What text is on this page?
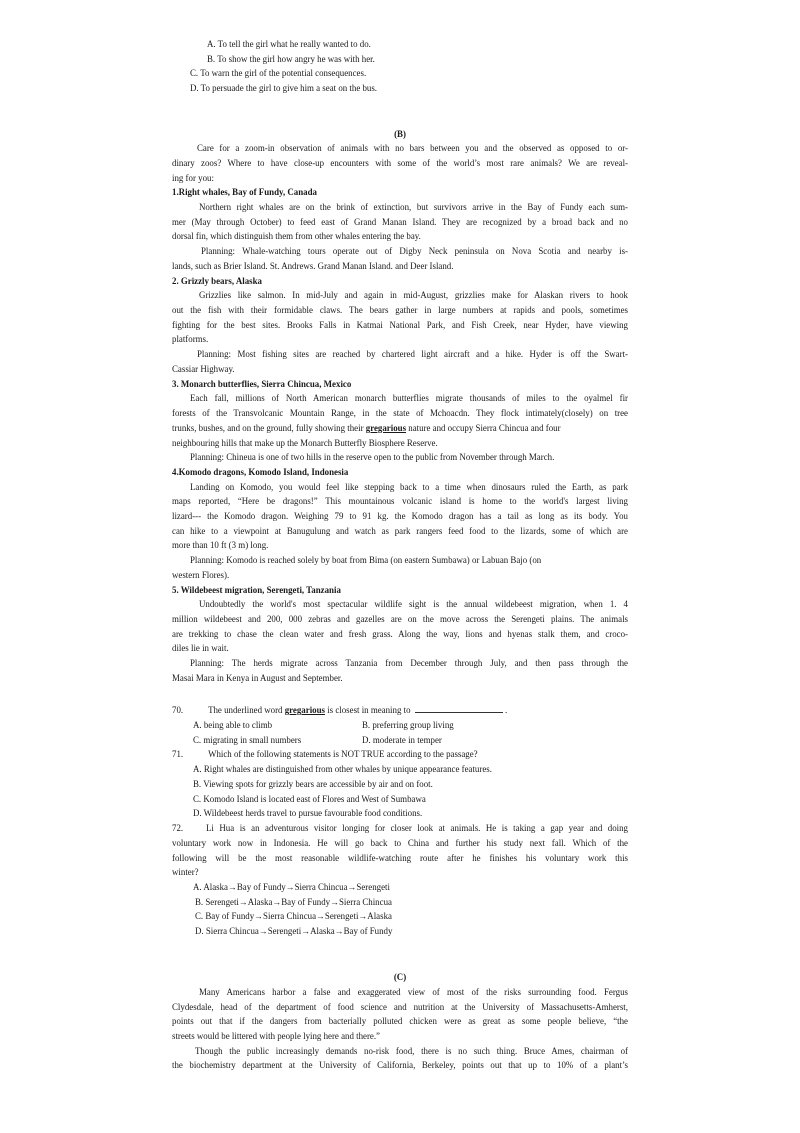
A. To tell the girl what he really wanted to do.
B. To show the girl how angry he was with her.
C. To warn the girl of the potential consequences.
D. To persuade the girl to give him a seat on the bus.
(B)
Care for a zoom-in observation of animals with no bars between you and the observed as opposed to or-
dinary zoos? Where to have close-up encounters with some of the world’s most rare animals? We are reveal-
ing for you:
1.Right whales, Bay of Fundy, Canada
Northern right whales are on the brink of extinction, but survivors arrive in the Bay of Fundy each sum-
mer (May through October) to feed east of Grand Manan Island. They are recognized by a broad back and no
dorsal fin, which distinguish them from other whales entering the bay.
Planning: Whale-watching tours operate out of Digby Neck peninsula on Nova Scotia and nearby is-
lands, such as Brier Island. St. Andrews. Grand Manan Island. and Deer Island.
2. Grizzly bears, Alaska
Grizzlies like salmon. In mid-July and again in mid-August, grizzlies make for Alaskan rivers to hook
out the fish with their formidable claws. The bears gather in large numbers at rapids and pools, sometimes
fighting for the best sites. Brooks Falls in Katmai National Park, and Fish Creek, near Hyder, have viewing
platforms.
Planning: Most fishing sites are reached by chartered light aircraft and a hike. Hyder is off the Swart-
Cassiar Highway.
3. Monarch butterflies, Sierra Chincua, Mexico
Each fall, millions of North American monarch butterflies migrate thousands of miles to the oyalmel fir
forests of the Transvolcanic Mountain Range, in the state of Mchoacdn. They flock intimately(closely) on tree
trunks, bushes, and on the ground, fully showing their gregarious nature and occupy Sierra Chincua and four
neighbouring hills that make up the Monarch Butterfly Biosphere Reserve.
Planning: Chineua is one of two hills in the reserve open to the public from November through March.
4.Komodo dragons, Komodo Island, Indonesia
Landing on Komodo, you would feel like stepping back to a time when dinosaurs ruled the Earth, as park
maps reported, “Here be dragons!” This mountainous volcanic island is home to the world's largest living
lizard--- the Komodo dragon. Weighing 79 to 91 kg. the Komodo dragon has a tail as long as its body. You
can hike to a viewpoint at Banugulung and watch as park rangers feed food to the lizards, some of which are
more than 10 ft (3 m) long.
Planning: Komodo is reached solely by boat from Bima (on eastern Sumbawa) or Labuan Bajo (on
western Flores).
5. Wildebeest migration, Serengeti, Tanzania
Undoubtedly the world's most spectacular wildlife sight is the annual wildebeest migration, when 1. 4
million wildebeest and 200, 000 zebras and gazelles are on the move across the Serengeti plains. The animals
are trekking to chase the clean water and fresh grass. Along the way, lions and hyenas stalk them, and croco-
diles lie in wait.
Planning: The herds migrate across Tanzania from December through July, and then pass through the
Masai Mara in Kenya in August and September.
70.	The underlined word gregarious is closest in meaning to	.
A. being able to climb	B. preferring group living
C. migrating in small numbers	D. moderate in temper
71.	Which of the following statements is NOT TRUE according to the passage?
A. Right whales are distinguished from other whales by unique appearance features.
B. Viewing spots for grizzly bears are accessible by air and on foot.
C. Komodo Island is located east of Flores and West of Sumbawa
D. Wildebeest herds travel to pursue favourable food conditions.
72.	Li Hua is an adventurous visitor longing for closer look at animals. He is taking a gap year and doing
voluntary work now in Indonesia. He will go back to China and further his study next fall. Which of the
following will be the most reasonable wildlife-watching route after he finishes his voluntary work this
winter?
A. Alaska→Bay of Fundy→Sierra Chincua→Serengeti
B. Serengeti→Alaska→Bay of Fundy→Sierra Chincua
C. Bay of Fundy→Sierra Chincua→Serengeti→Alaska
D. Sierra Chincua→Serengeti→Alaska→Bay of Fundy
(C)
Many Americans harbor a false and exaggerated view of most of the risks surrounding food. Fergus
Clydesdale, head of the department of food science and nutrition at the University of Massachusetts-Amherst,
points out that if the dangers from bacterially polluted chicken were as great as some people believe, “the
streets would be littered with people lying here and there.”
Though the public increasingly demands no-risk food, there is no such thing. Bruce Ames, chairman of
the biochemistry department at the University of California, Berkeley, points out that up to 10% of a plant’s
